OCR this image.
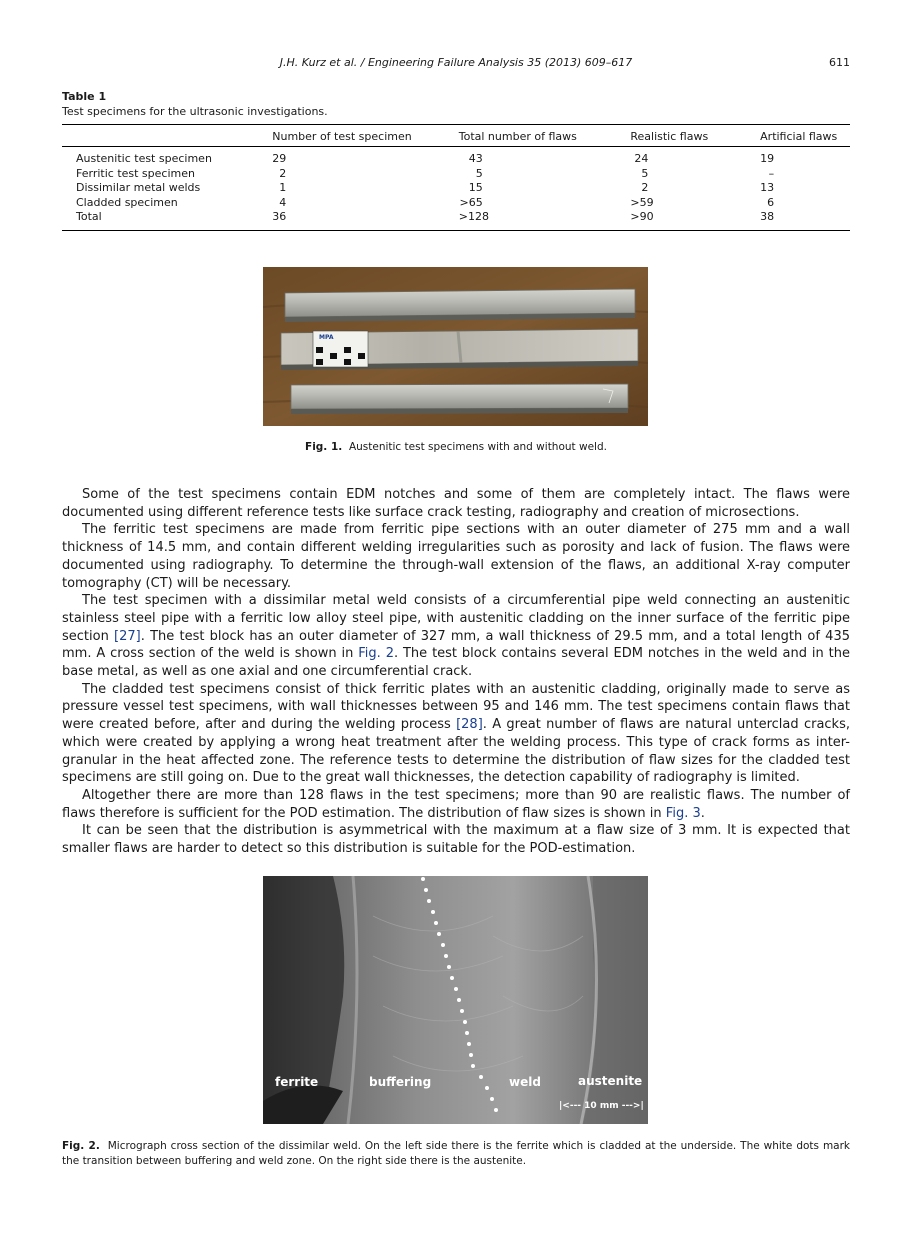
J.H. Kurz et al. / Engineering Failure Analysis 35 (2013) 609–617	611
Table 1
Test specimens for the ultrasonic investigations.
	Number of test specimen	Total number of flaws	Realistic flaws	Artificial flaws
Austenitic test specimen	29	43	24	19
Ferritic test specimen	2	5	5	–
Dissimilar metal welds	1	15	2	13
Cladded specimen	4	>65	>59	6
Total	36	>128	>90	38
MPA
Fig. 1. Austenitic test specimens with and without weld.

Some of the test specimens contain EDM notches and some of them are completely intact. The flaws were documented using different reference tests like surface crack testing, radiography and creation of microsections.

The ferritic test specimens are made from ferritic pipe sections with an outer diameter of 275 mm and a wall thickness of 14.5 mm, and contain different welding irregularities such as porosity and lack of fusion. The flaws were documented using radiography. To determine the through-wall extension of the flaws, an additional X-ray computer tomography (CT) will be necessary.

The test specimen with a dissimilar metal weld consists of a circumferential pipe weld connecting an austenitic stainless steel pipe with a ferritic low alloy steel pipe, with austenitic cladding on the inner surface of the ferritic pipe section [27]. The test block has an outer diameter of 327 mm, a wall thickness of 29.5 mm, and a total length of 435 mm. A cross section of the weld is shown in Fig. 2. The test block contains several EDM notches in the weld and in the base metal, as well as one axial and one circumferential crack.

The cladded test specimens consist of thick ferritic plates with an austenitic cladding, originally made to serve as pressure vessel test specimens, with wall thicknesses between 95 and 146 mm. The test specimens contain flaws that were created before, after and during the welding process [28]. A great number of flaws are natural unterclad cracks, which were created by applying a wrong heat treatment after the welding process. This type of crack forms as inter-granular in the heat affected zone. The reference tests to determine the distribution of flaw sizes for the cladded test specimens are still going on. Due to the great wall thicknesses, the detection capability of radiography is limited.

Altogether there are more than 128 flaws in the test specimens; more than 90 are realistic flaws. The number of flaws therefore is sufficient for the POD estimation. The distribution of flaw sizes is shown in Fig. 3.

It can be seen that the distribution is asymmetrical with the maximum at a flaw size of 3 mm. It is expected that smaller flaws are harder to detect so this distribution is suitable for the POD-estimation.

ferrite	buffering	weld	austenite
|<--- 10 mm --->|
Fig. 2. Micrograph cross section of the dissimilar weld. On the left side there is the ferrite which is cladded at the underside. The white dots mark the transition between buffering and weld zone. On the right side there is the austenite.
